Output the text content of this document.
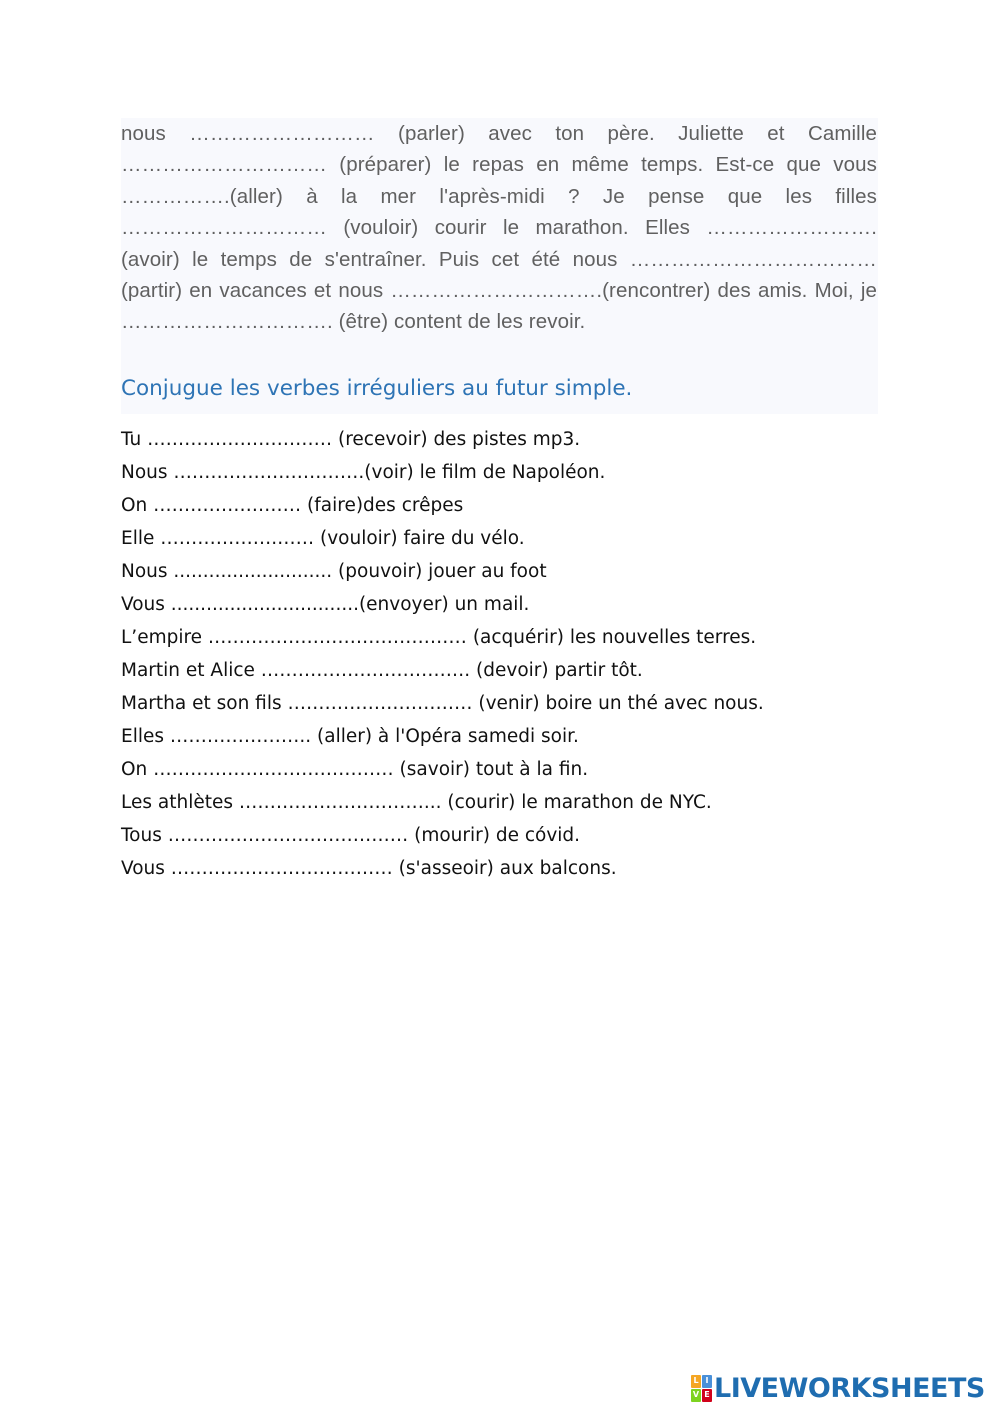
nous ……………………… (parler) avec ton père. Juliette et Camille ………………………… (préparer) le repas en même temps. Est-ce que vous …………….(aller) à la mer l'après-midi ? Je pense que les filles ………………………… (vouloir) courir le marathon. Elles ……………………. (avoir) le temps de s'entraîner. Puis cet été nous ………………………………(partir) en vacances et nous ………………………….(rencontrer) des amis. Moi, je …………………………. (être) content de les revoir.

Conjugue les verbes irréguliers au futur simple.
Tu ………………………… (recevoir) des pistes mp3.
Nous ………………………….(voir) le film de Napoléon.
On …………………… (faire)des crêpes
Elle ……………….…… (vouloir) faire du vélo.
Nous ........................... (pouvoir) jouer au foot
Vous ................................(envoyer) un mail.
L’empire …………………………………… (acquérir) les nouvelles terres.
Martin et Alice ……………………………. (devoir) partir tôt.
Martha et son fils ………………………… (venir) boire un thé avec nous.
Elles ………………….. (aller) à l'Opéra samedi soir.
On ………………………………… (savoir) tout à la fin.
Les athlètes …………………………... (courir) le marathon de NYC.
Tous ………………………………… (mourir) de cóvid.
Vous ……………………………… (s'asseoir) aux balcons.
L I
V E LIVEWORKSHEETS
